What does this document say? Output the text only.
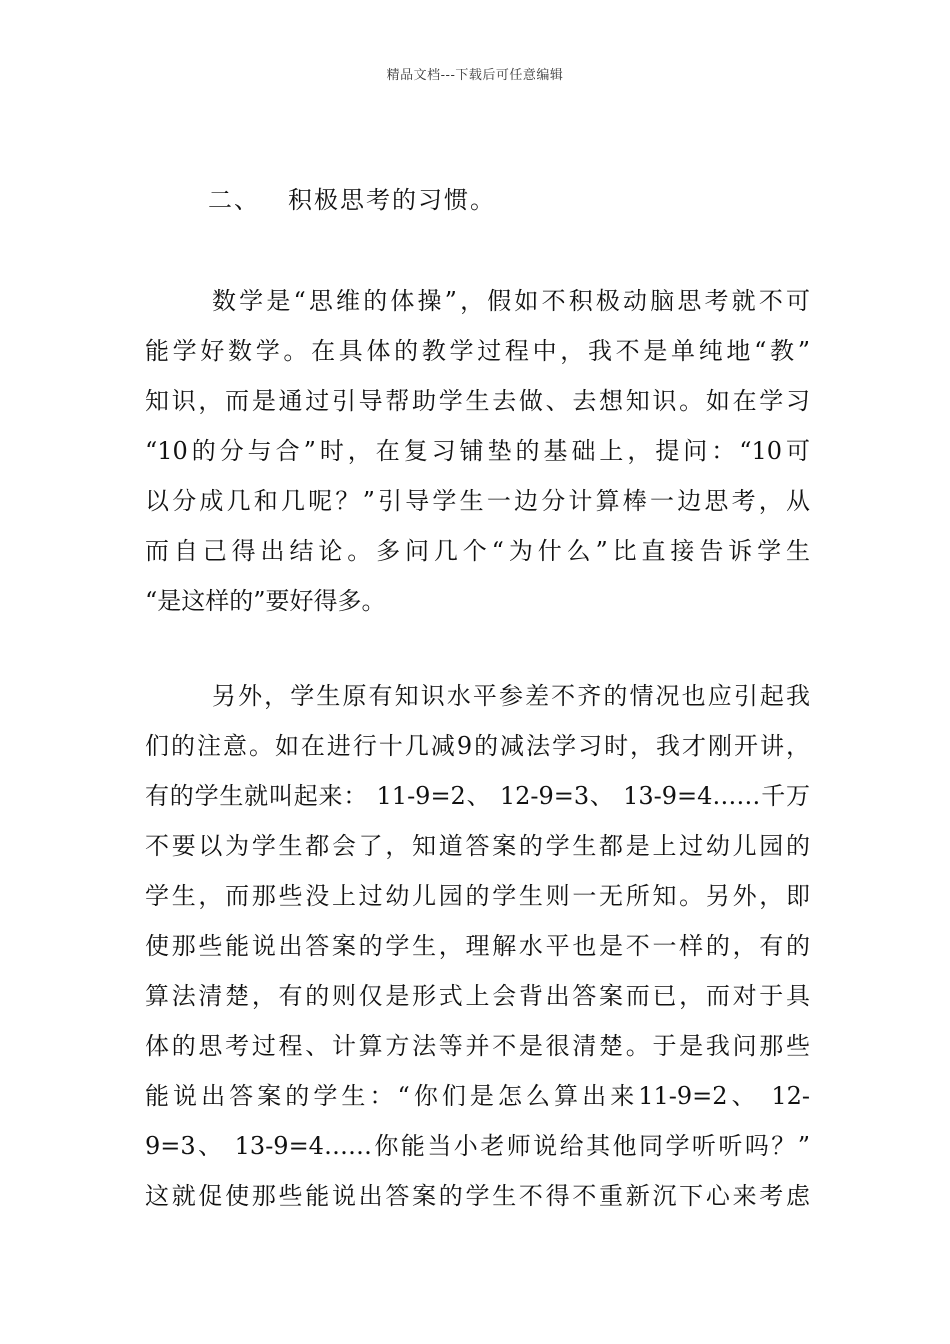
精品文档---下载后可任意编辑
二、 积极思考的习惯。
数学是“思维的体操”，假如不积极动脑思考就不可
能学好数学。在具体的教学过程中，我不是单纯地“教”
知识，而是通过引导帮助学生去做、去想知识。如在学习
“10的分与合”时，在复习铺垫的基础上，提问：“10可
以分成几和几呢？”引导学生一边分计算棒一边思考，从
而自己得出结论。多问几个“为什么”比直接告诉学生
“是这样的”要好得多。
另外，学生原有知识水平参差不齐的情况也应引起我
们的注意。如在进行十几减9的减法学习时，我才刚开讲，
有的学生就叫起来： 11-9=2、 12-9=3、 13-9=4……千万
不要以为学生都会了，知道答案的学生都是上过幼儿园的
学生，而那些没上过幼儿园的学生则一无所知。另外，即
使那些能说出答案的学生，理解水平也是不一样的，有的
算法清楚，有的则仅是形式上会背出答案而已，而对于具
体的思考过程、计算方法等并不是很清楚。于是我问那些
能说出答案的学生：“你们是怎么算出来11-9=2、 12-
9=3、 13-9=4……你能当小老师说给其他同学听听吗？”
这就促使那些能说出答案的学生不得不重新沉下心来考虑
